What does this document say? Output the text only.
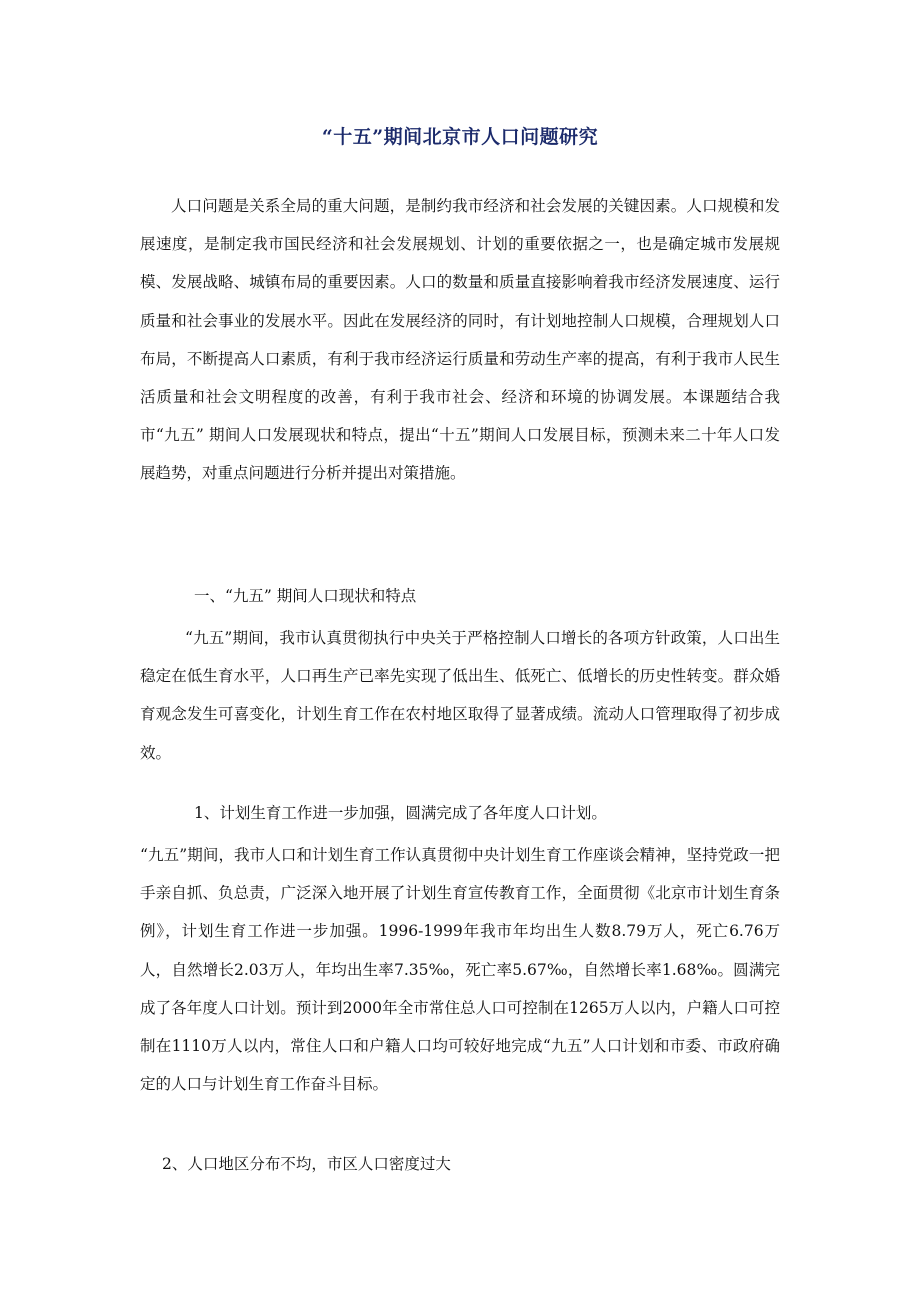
“十五”期间北京市人口问题研究

人口问题是关系全局的重大问题，是制约我市经济和社会发展的关键因素。人口规模和发展速度，是制定我市国民经济和社会发展规划、计划的重要依据之一，也是确定城市发展规模、发展战略、城镇布局的重要因素。人口的数量和质量直接影响着我市经济发展速度、运行质量和社会事业的发展水平。因此在发展经济的同时，有计划地控制人口规模，合理规划人口布局，不断提高人口素质，有利于我市经济运行质量和劳动生产率的提高，有利于我市人民生活质量和社会文明程度的改善，有利于我市社会、经济和环境的协调发展。本课题结合我市“九五” 期间人口发展现状和特点，提出“十五”期间人口发展目标，预测未来二十年人口发展趋势，对重点问题进行分析并提出对策措施。

一、“九五” 期间人口现状和特点

“九五”期间，我市认真贯彻执行中央关于严格控制人口增长的各项方针政策，人口出生稳定在低生育水平，人口再生产已率先实现了低出生、低死亡、低增长的历史性转变。群众婚育观念发生可喜变化，计划生育工作在农村地区取得了显著成绩。流动人口管理取得了初步成效。

1、计划生育工作进一步加强，圆满完成了各年度人口计划。

“九五”期间，我市人口和计划生育工作认真贯彻中央计划生育工作座谈会精神，坚持党政一把手亲自抓、负总责，广泛深入地开展了计划生育宣传教育工作，全面贯彻《北京市计划生育条例》，计划生育工作进一步加强。1996-1999年我市年均出生人数8.79万人，死亡6.76万人，自然增长2.03万人，年均出生率7.35‰，死亡率5.67‰，自然增长率1.68‰。圆满完成了各年度人口计划。预计到2000年全市常住总人口可控制在1265万人以内，户籍人口可控制在1110万人以内，常住人口和户籍人口均可较好地完成“九五”人口计划和市委、市政府确定的人口与计划生育工作奋斗目标。

2、人口地区分布不均，市区人口密度过大
